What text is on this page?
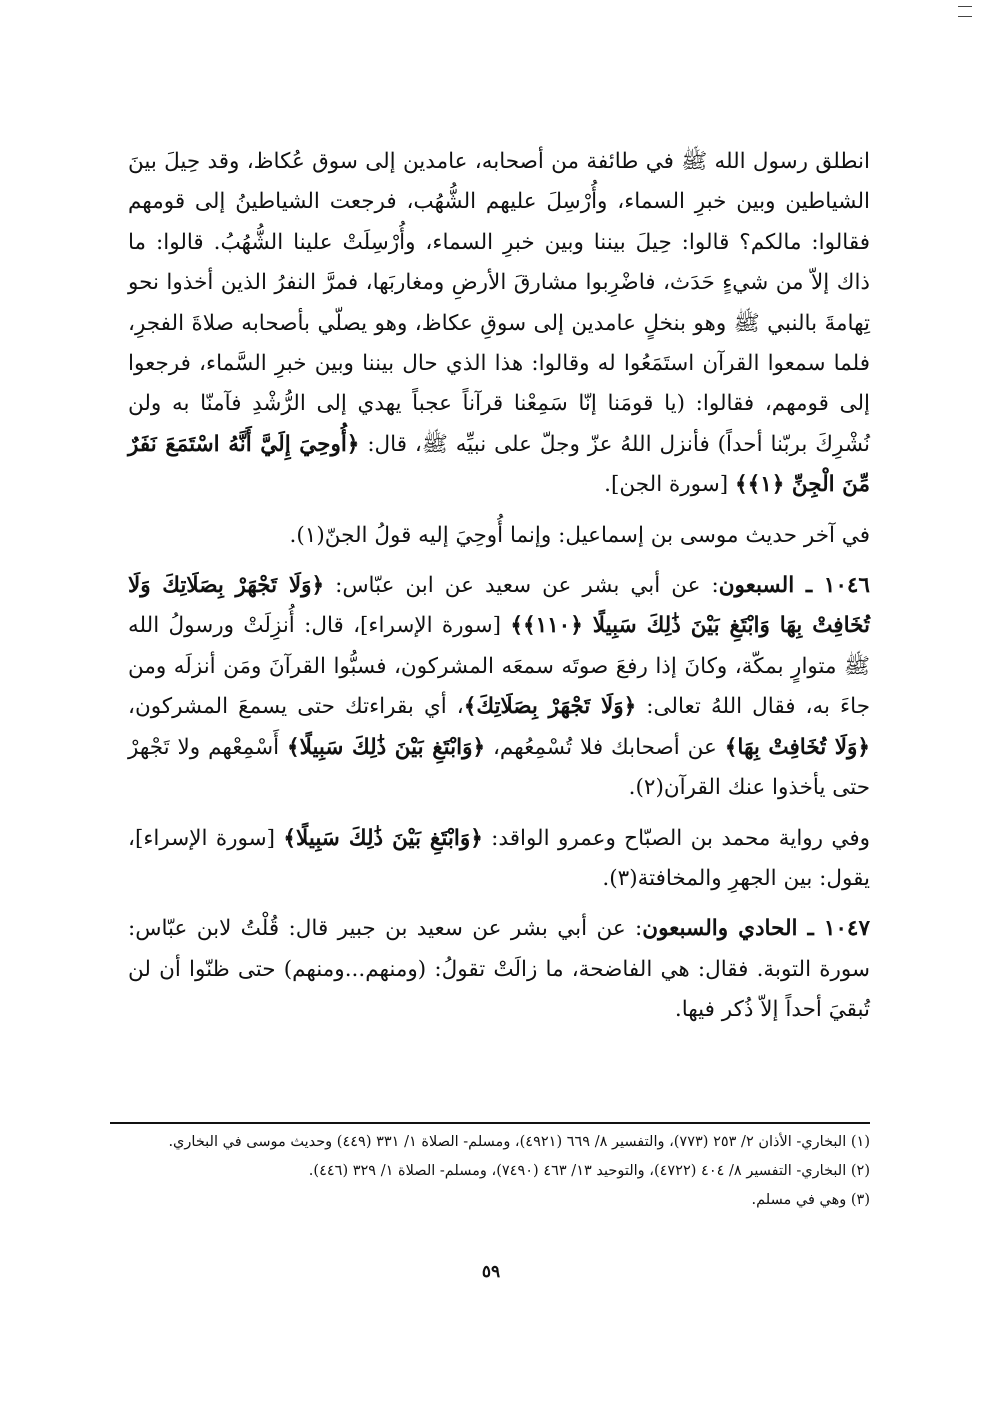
انطلق رسول الله ﷺ في طائفة من أصحابه، عامدين إلى سوق عُكاظ، وقد حِيلَ بينَ الشياطين وبين خبرِ السماء، وأُرْسِلَ عليهم الشُّهُب، فرجعت الشياطينُ إلى قومهم فقالوا: مالكم؟ قالوا: حِيلَ بيننا وبين خبرِ السماء، وأُرْسِلَتْ علينا الشُّهُبُ. قالوا: ما ذاك إلاّ من شيءٍ حَدَث، فاضْرِبوا مشارقَ الأرضِ ومغاربَها، فمرَّ النفرُ الذين أخذوا نحو تِهامةَ بالنبي ﷺ وهو بنخلٍ عامدين إلى سوقِ عكاظ، وهو يصلّي بأصحابه صلاةَ الفجرِ، فلما سمعوا القرآن استَمَعُوا له وقالوا: هذا الذي حال بيننا وبين خبرِ السَّماء، فرجعوا إلى قومهم، فقالوا: (يا قومَنا إنّا سَمِعْنا قرآناً عجباً يهدي إلى الرُّشْدِ فآمنّا به ولن نُشْرِكَ بربّنا أحداً) فأنزل اللهُ عزّ وجلّ على نبيِّه ﷺ، قال: ﴿أُوحِيَ إِلَيَّ أَنَّهُ اسْتَمَعَ نَفَرٌ مِّنَ الْجِنِّ ﴿١﴾﴾ [سورة الجن].

في آخر حديث موسى بن إسماعيل: وإنما أُوحِيَ إليه قولُ الجنّ(١).

١٠٤٦ ـ السبعون: عن أبي بشر عن سعيد عن ابن عبّاس: ﴿وَلَا تَجْهَرْ بِصَلَاتِكَ وَلَا تُخَافِتْ بِهَا وَابْتَغِ بَيْنَ ذَٰلِكَ سَبِيلًا ﴿١١٠﴾﴾ [سورة الإسراء]، قال: أُنزِلَتْ ورسولُ الله ﷺ متوارٍ بمكّة، وكانَ إذا رفعَ صوتَه سمعَه المشركون، فسبُّوا القرآنَ ومَن أنزلَه ومن جاءَ به، فقال اللهُ تعالى: ﴿وَلَا تَجْهَرْ بِصَلَاتِكَ﴾، أي بقراءتك حتى يسمعَ المشركون، ﴿وَلَا تُخَافِتْ بِهَا﴾ عن أصحابك فلا تُسْمِعُهم، ﴿وَابْتَغِ بَيْنَ ذَٰلِكَ سَبِيلًا﴾ أَسْمِعْهم ولا تَجْهرْ حتى يأخذوا عنك القرآن(٢).

وفي رواية محمد بن الصبّاح وعمرو الواقد: ﴿وَابْتَغِ بَيْنَ ذَٰلِكَ سَبِيلًا﴾ [سورة الإسراء]، يقول: بين الجهرِ والمخافتة(٣).

١٠٤٧ ـ الحادي والسبعون: عن أبي بشر عن سعيد بن جبير قال: قُلْتُ لابن عبّاس: سورة التوبة. فقال: هي الفاضحة، ما زالَتْ تقولُ: (ومنهم...ومنهم) حتى ظنّوا أن لن تُبقيَ أحداً إلاّ ذُكر فيها.

(١) البخاري- الأذان ٢/ ٢٥٣ (٧٧٣)، والتفسير ٨/ ٦٦٩ (٤٩٢١)، ومسلم- الصلاة ١/ ٣٣١ (٤٤٩) وحديث موسى في البخاري.

(٢) البخاري- التفسير ٨/ ٤٠٤ (٤٧٢٢)، والتوحيد ١٣/ ٤٦٣ (٧٤٩٠)، ومسلم- الصلاة ١/ ٣٢٩ (٤٤٦).

(٣) وهي في مسلم.

٥٩
